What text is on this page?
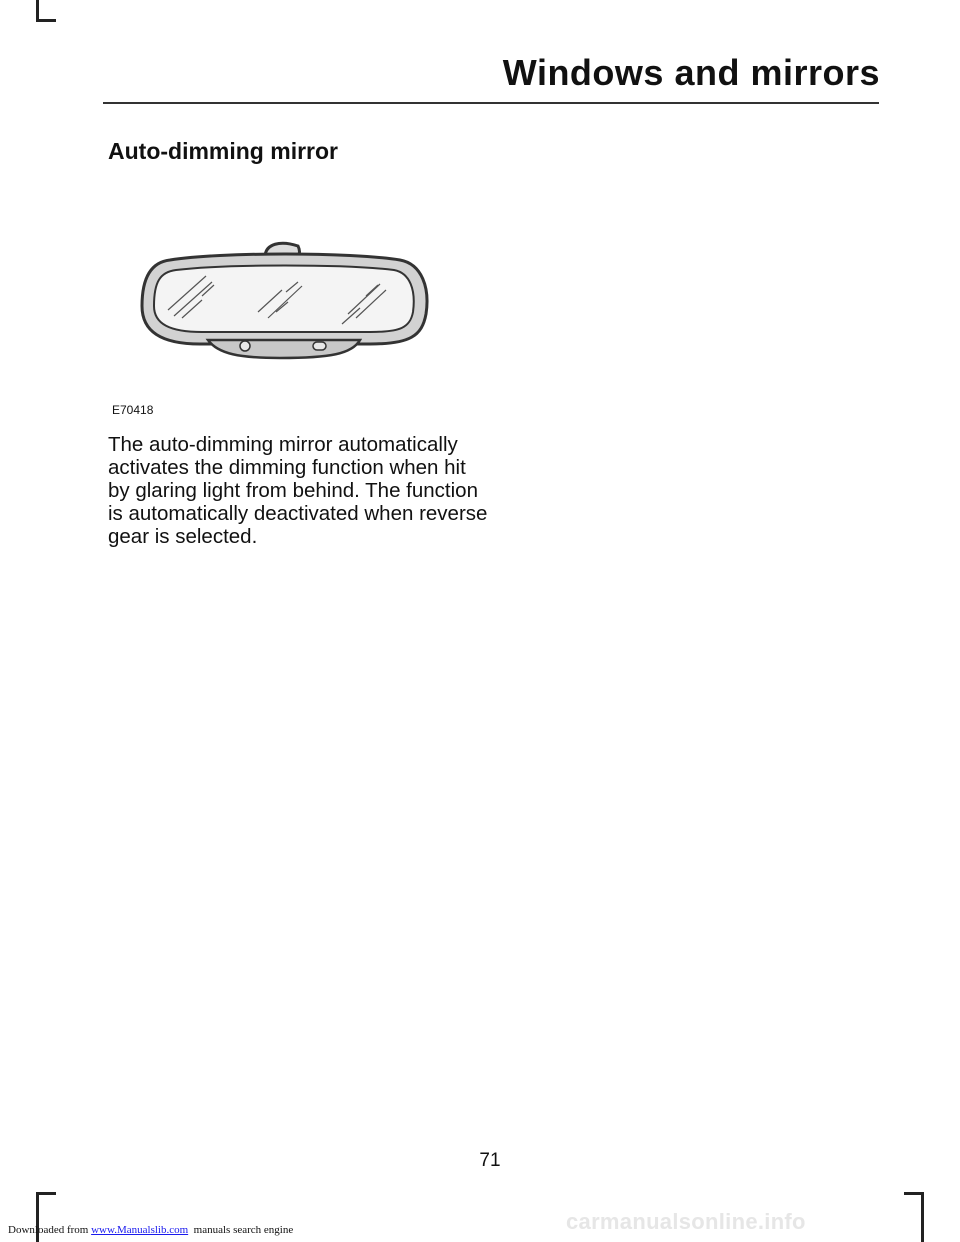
Windows and mirrors
Auto-dimming mirror
E70418

The auto-dimming mirror automatically activates the dimming function when hit by glaring light from behind. The function is automatically deactivated when reverse gear is selected.

71
carmanualsonline.info
Downloaded from www.Manualslib.com  manuals search engine
